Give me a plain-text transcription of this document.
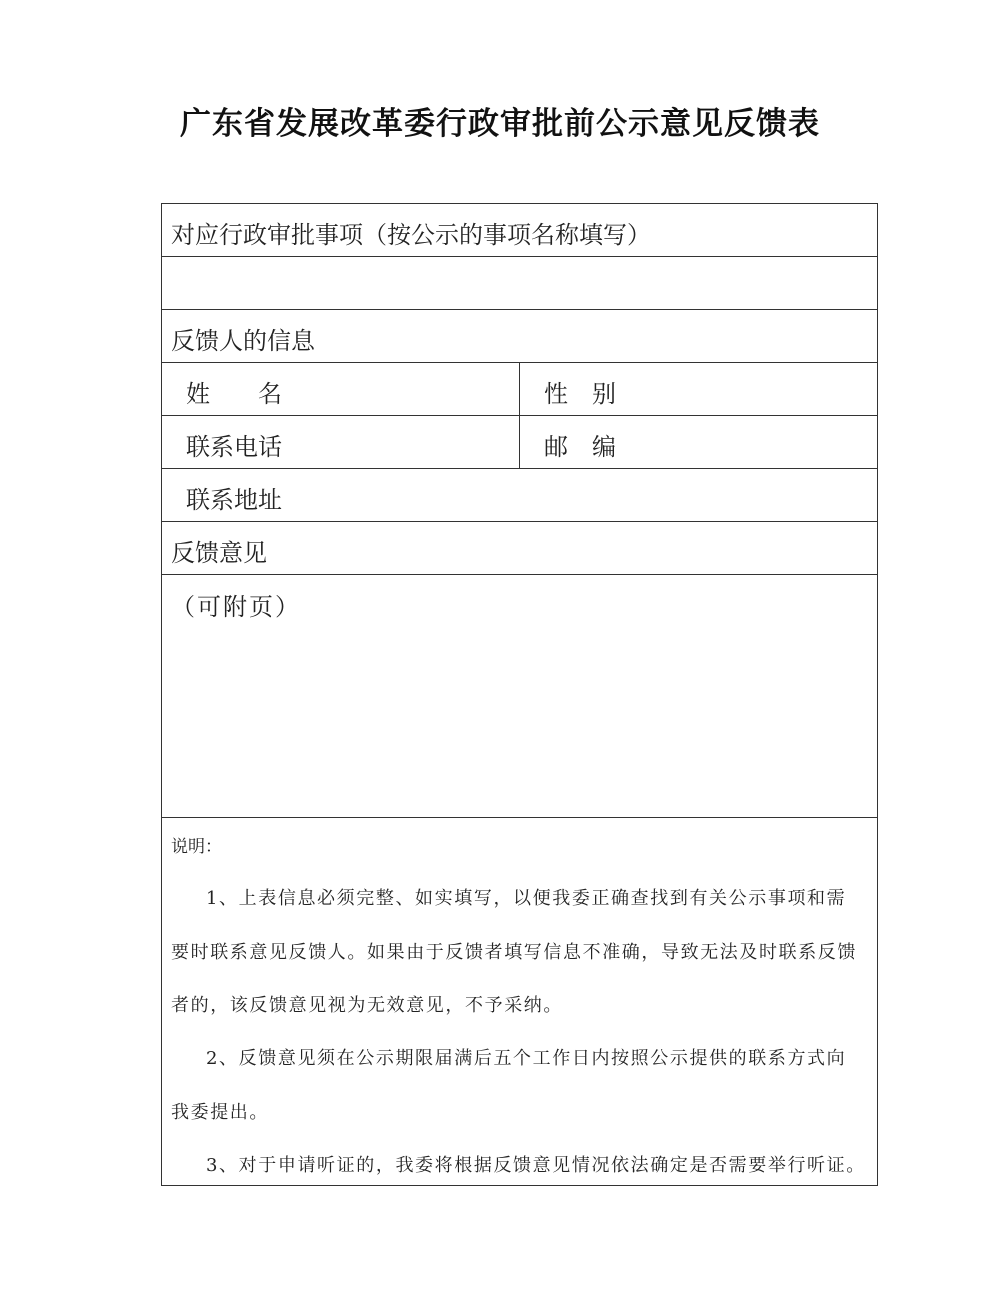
广东省发展改革委行政审批前公示意见反馈表
对应行政审批事项（按公示的事项名称填写）
反馈人的信息
姓　　名	性　别
联系电话	邮　编
联系地址
反馈意见
（可附页）
说明：
1、上表信息必须完整、如实填写，以便我委正确查找到有关公示事项和需
要时联系意见反馈人。如果由于反馈者填写信息不准确，导致无法及时联系反馈
者的，该反馈意见视为无效意见，不予采纳。
2、反馈意见须在公示期限届满后五个工作日内按照公示提供的联系方式向
我委提出。
3、对于申请听证的，我委将根据反馈意见情况依法确定是否需要举行听证。
